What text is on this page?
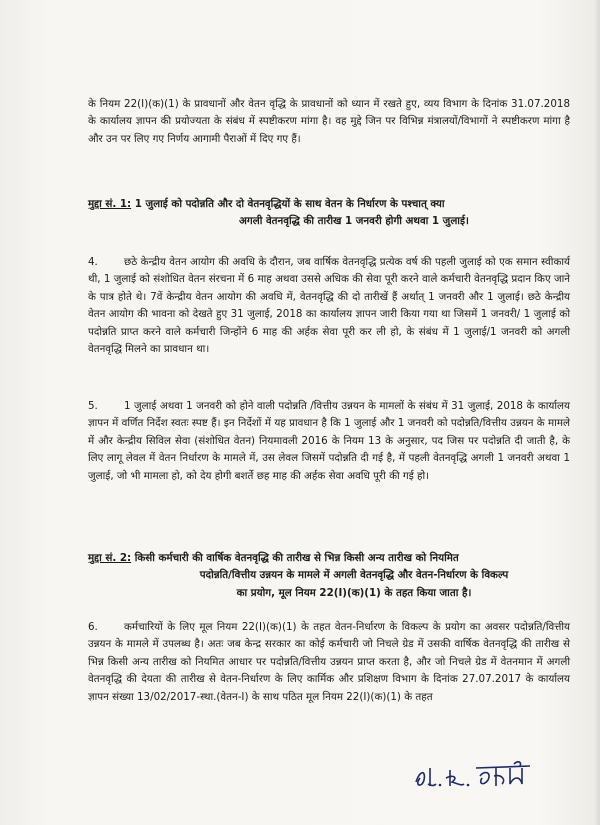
के नियम 22(I)(क)(1) के प्रावधानों और वेतन वृद्धि के प्रावधानों को ध्यान में रखते हुए, व्यय विभाग के दिनांक 31.07.2018 के कार्यालय ज्ञापन की प्रयोज्यता के संबंध में स्पष्टीकरण मांगा है। वह मुद्दे जिन पर विभिन्न मंत्रालयों/विभागों ने स्पष्टीकरण मांगा है और उन पर लिए गए निर्णय आगामी पैराओं में दिए गए हैं।

मुद्दा सं. 1: 1 जुलाई को पदोन्नति और दो वेतनवृद्धियों के साथ वेतन के निर्धारण के पश्चात् क्या
अगली वेतनवृद्धि की तारीख 1 जनवरी होगी अथवा 1 जुलाई।

4.	छठे केन्द्रीय वेतन आयोग की अवधि के दौरान, जब वार्षिक वेतनवृद्धि प्रत्येक वर्ष की पहली जुलाई को एक समान स्वीकार्य थी, 1 जुलाई को संशोधित वेतन संरचना में 6 माह अथवा उससे अधिक की सेवा पूरी करने वाले कर्मचारी वेतनवृद्धि प्रदान किए जाने के पात्र होते थे। 7वें केन्द्रीय वेतन आयोग की अवधि में, वेतनवृद्धि की दो तारीखें हैं अर्थात् 1 जनवरी और 1 जुलाई। छठे केन्द्रीय वेतन आयोग की भावना को देखते हुए 31 जुलाई, 2018 का कार्यालय ज्ञापन जारी किया गया था जिसमें 1 जनवरी/ 1 जुलाई को पदोन्नति प्राप्त करने वाले कर्मचारी जिन्होंने 6 माह की अर्हक सेवा पूरी कर ली हो, के संबंध में 1 जुलाई/1 जनवरी को अगली वेतनवृद्धि मिलने का प्रावधान था।

5.	1 जुलाई अथवा 1 जनवरी को होने वाली पदोन्नति /वित्तीय उन्नयन के मामलों के संबंध में 31 जुलाई, 2018 के कार्यालय ज्ञापन में वर्णित निर्देश स्वतः स्पष्ट हैं। इन निर्देशों में यह प्रावधान है कि 1 जुलाई और 1 जनवरी को पदोन्नति/वित्तीय उन्नयन के मामले में और केन्द्रीय सिविल सेवा (संशोधित वेतन) नियमावली 2016 के नियम 13 के अनुसार, पद जिस पर पदोन्नति दी जाती है, के लिए लागू लेवल में वेतन निर्धारण के मामले में, उस लेवल जिसमें पदोन्नति दी गई है, में पहली वेतनवृद्धि अगली 1 जनवरी अथवा 1 जुलाई, जो भी मामला हो, को देय होगी बशर्ते छह माह की अर्हक सेवा अवधि पूरी की गई हो।

मुद्दा सं. 2: किसी कर्मचारी की वार्षिक वेतनवृद्धि की तारीख से भिन्न किसी अन्य तारीख को नियमित
पदोन्नति/वित्तीय उन्नयन के मामले में अगली वेतनवृद्धि और वेतन-निर्धारण के विकल्प
का प्रयोग, मूल नियम 22(I)(क)(1) के तहत किया जाता है।

6.	कर्मचारियों के लिए मूल नियम 22(I)(क)(1) के तहत वेतन-निर्धारण के विकल्प के प्रयोग का अवसर पदोन्नति/वित्तीय उन्नयन के मामले में उपलब्ध है। अतः जब केन्द्र सरकार का कोई कर्मचारी जो निचले ग्रेड में उसकी वार्षिक वेतनवृद्धि की तारीख से भिन्न किसी अन्य तारीख को नियमित आधार पर पदोन्नति/वित्तीय उन्नयन प्राप्त करता है, और जो निचले ग्रेड में वेतनमान में अगली वेतनवृद्धि की देयता की तारीख से वेतन-निर्धारण के लिए कार्मिक और प्रशिक्षण विभाग के दिनांक 27.07.2017 के कार्यालय ज्ञापन संख्या 13/02/2017-स्था.(वेतन-I) के साथ पठित मूल नियम 22(I)(क)(1) के तहत
